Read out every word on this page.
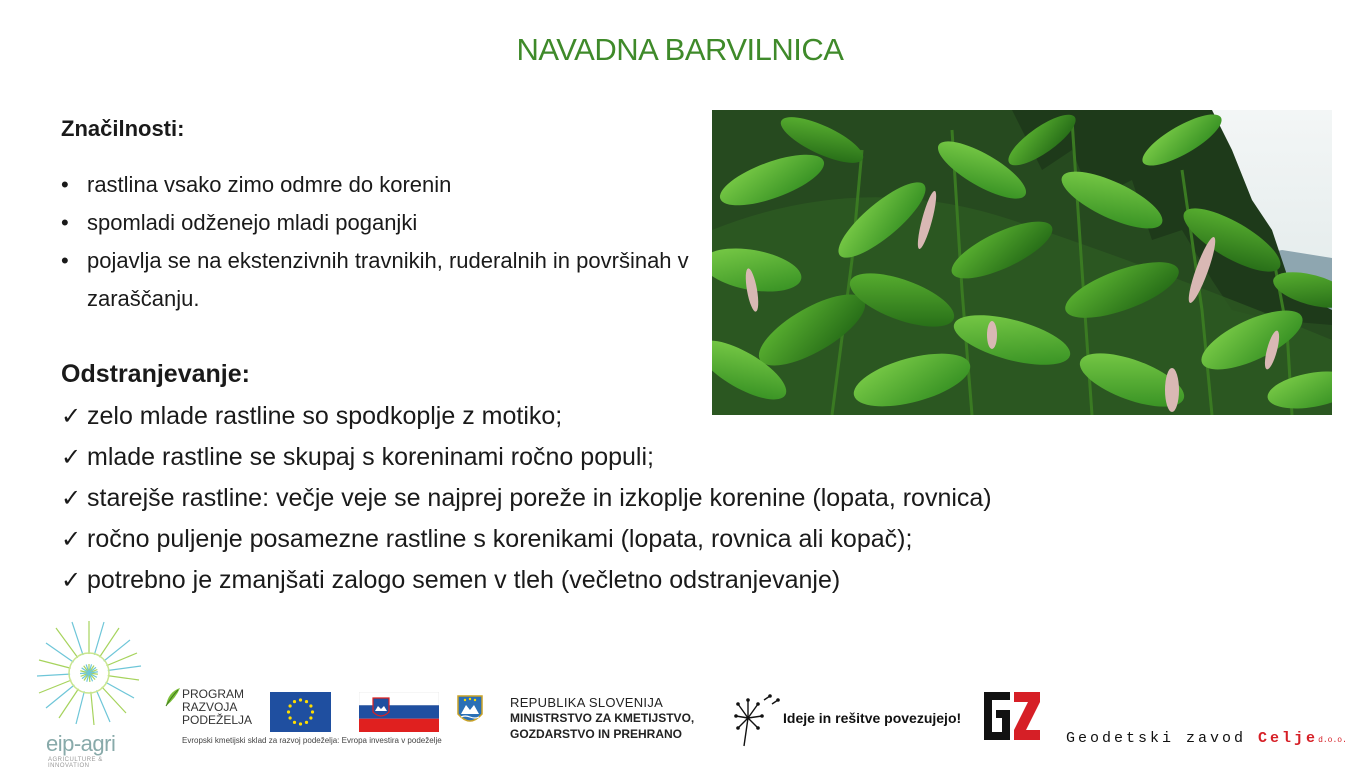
NAVADNA BARVILNICA
Značilnosti:
• rastlina vsako zimo odmre do korenin
• spomladi odženejo mladi poganjki
• pojavlja se na ekstenzivnih travnikih, ruderalnih in površinah v zaraščanju.
Odstranjevanje:
✓ zelo mlade rastline so spodkoplje z motiko;
✓ mlade rastline se skupaj s koreninami ročno populi;
✓ starejše rastline: večje veje se najprej poreže in izkoplje korenine (lopata, rovnica)
✓ ročno puljenje posamezne rastline s korenikami (lopata, rovnica ali kopač);
✓ potrebno je zmanjšati zalogo semen v tleh (večletno odstranjevanje)
eip-agri
AGRICULTURE & INNOVATION
PROGRAM
RAZVOJA
PODEŽELJA
Evropski kmetijski sklad za razvoj podeželja: Evropa investira v podeželje
REPUBLIKA SLOVENIJA
MINISTRSTVO ZA KMETIJSTVO,
GOZDARSTVO IN PREHRANO
Ideje in rešitve povezujejo!
Geodetski zavod Celjed.o.o.
